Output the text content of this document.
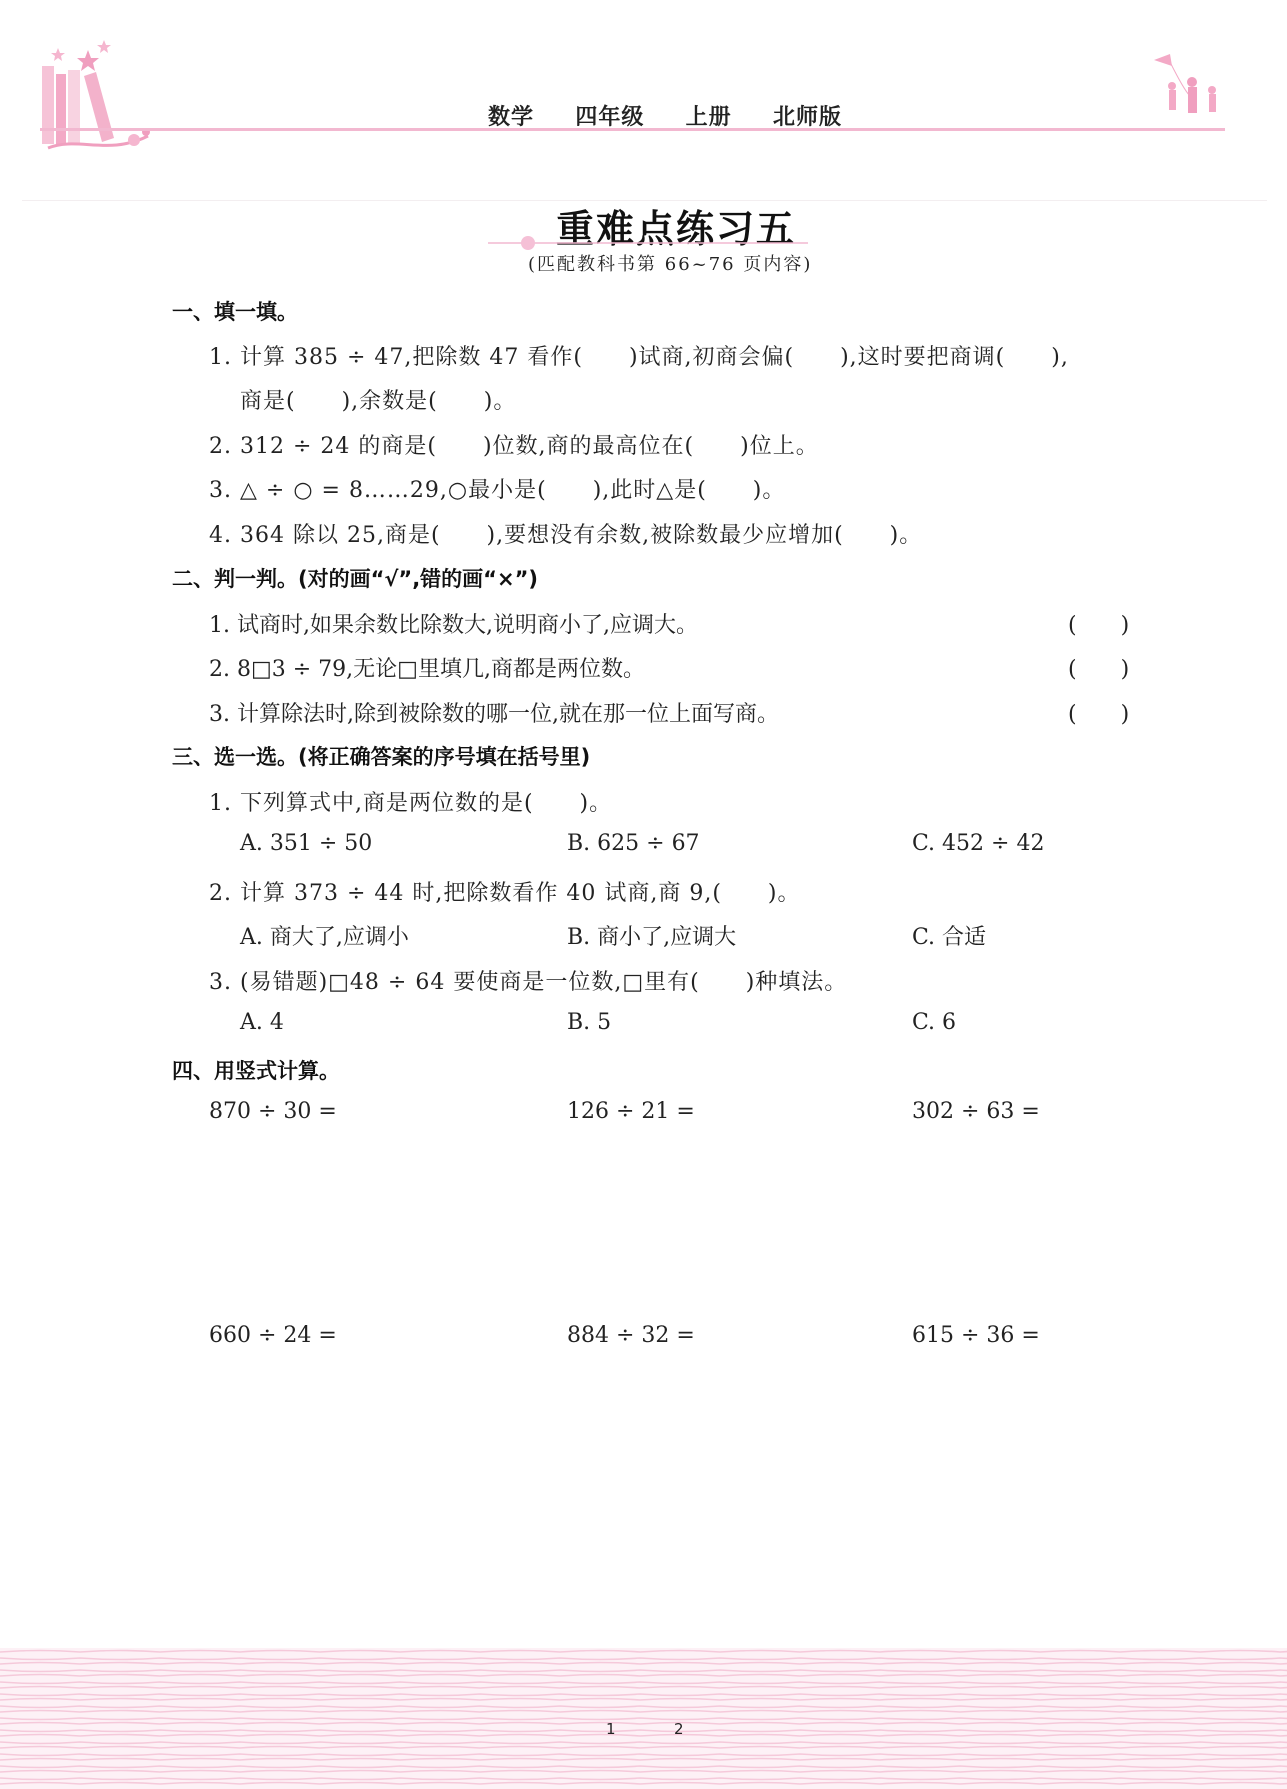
数学  四年级  上册  北师版
重难点练习五
(匹配教科书第 66~76 页内容)
一、填一填。
1. 计算 385 ÷ 47,把除数 47 看作(　　)试商,初商会偏(　　),这时要把商调(　　),
商是(　　),余数是(　　)。
2. 312 ÷ 24 的商是(　　)位数,商的最高位在(　　)位上。
3. △ ÷ ○ = 8……29,○最小是(　　),此时△是(　　)。
4. 364 除以 25,商是(　　),要想没有余数,被除数最少应增加(　　)。
二、判一判。(对的画“√”,错的画“×”)
1. 试商时,如果余数比除数大,说明商小了,应调大。	(　　)
2. 8□3 ÷ 79,无论□里填几,商都是两位数。	(　　)
3. 计算除法时,除到被除数的哪一位,就在那一位上面写商。	(　　)
三、选一选。(将正确答案的序号填在括号里)
1. 下列算式中,商是两位数的是(　　)。
A. 351 ÷ 50	B. 625 ÷ 67	C. 452 ÷ 42
2. 计算 373 ÷ 44 时,把除数看作 40 试商,商 9,(　　)。
A. 商大了,应调小	B. 商小了,应调大	C. 合适
3. (易错题)□48 ÷ 64 要使商是一位数,□里有(　　)种填法。
A. 4	B. 5	C. 6
四、用竖式计算。
870 ÷ 30 =	126 ÷ 21 =	302 ÷ 63 =
660 ÷ 24 =	884 ÷ 32 =	615 ÷ 36 =
1	2
